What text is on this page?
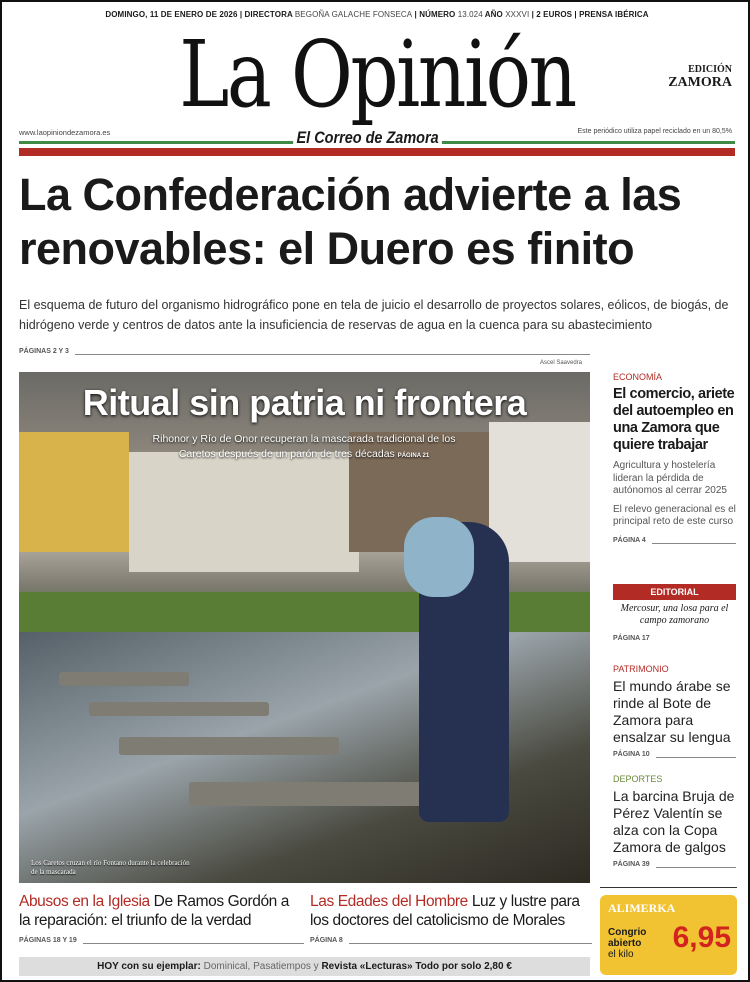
DOMINGO, 11 DE ENERO DE 2026 | DIRECTORA BEGOÑA GALACHE FONSECA | NÚMERO 13.024 AÑO XXXVI | 2 EUROS | PRENSA IBÉRICA
La Opinión
El Correo de Zamora
EDICIÓN
ZAMORA
www.laopiniondezamora.es	Este periódico utiliza papel reciclado en un 80,5%
La Confederación advierte a las renovables: el Duero es finito

El esquema de futuro del organismo hidrográfico pone en tela de juicio el desarrollo de proyectos solares, eólicos, de biogás, de hidrógeno verde y centros de datos ante la insuficiencia de reservas de agua en la cuenca para su abastecimiento

PÁGINAS 2 Y 3
Ascel Saavedra
Ritual sin patria ni frontera
Rihonor y Río de Onor recuperan la mascarada tradicional de los Caretos después de un parón de tres décadas PÁGINA 21
Los Caretos cruzan el río Fontano durante la celebración de la mascarada
ECONOMÍA
El comercio, ariete del autoempleo en una Zamora que quiere trabajar
Agricultura y hostelería lideran la pérdida de autónomos al cerrar 2025
El relevo generacional es el principal reto de este curso
PÁGINA 4
EDITORIAL
Mercosur, una losa para el campo zamorano
PÁGINA 17
PATRIMONIO
El mundo árabe se rinde al Bote de Zamora para ensalzar su lengua
PÁGINA 10
DEPORTES
La barcina Bruja de Pérez Valentín se alza con la Copa Zamora de galgos
PÁGINA 39
Abusos en la Iglesia De Ramos Gordón a la reparación: el triunfo de la verdad
PÁGINAS 18 Y 19
Las Edades del Hombre Luz y lustre para los doctores del catolicismo de Morales
PÁGINA 8
HOY con su ejemplar: Dominical, Pasatiempos y Revista «Lecturas» Todo por solo 2,80 €
ALIMERKA
Congrio abierto
el kilo
6,95
